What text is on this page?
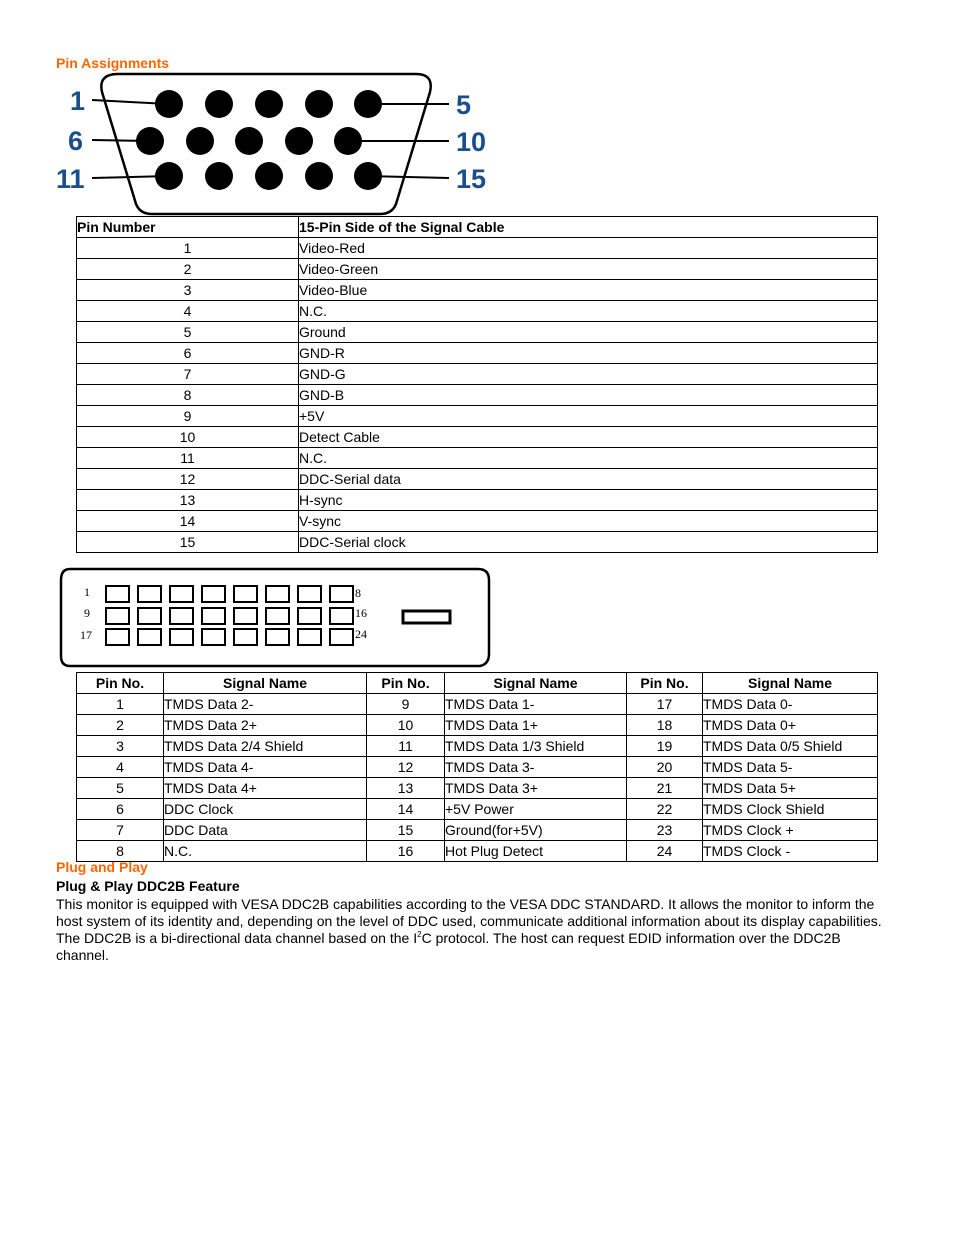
Pin Assignments
1	5
6	10
11	15
Pin Number	15-Pin Side of the Signal Cable
1	Video-Red
2	Video-Green
3	Video-Blue
4	N.C.
5	Ground
6	GND-R
7	GND-G
8	GND-B
9	+5V
10	Detect Cable
11	N.C.
12	DDC-Serial data
13	H-sync
14	V-sync
15	DDC-Serial clock
1
9
17
8
16
24
Pin No.	Signal Name	Pin No.	Signal Name	Pin No.	Signal Name
1	TMDS Data 2-	9	TMDS Data 1-	17	TMDS Data 0-
2	TMDS Data 2+	10	TMDS Data 1+	18	TMDS Data 0+
3	TMDS Data 2/4 Shield	11	TMDS Data 1/3 Shield	19	TMDS Data 0/5 Shield
4	TMDS Data 4-	12	TMDS Data 3-	20	TMDS Data 5-
5	TMDS Data 4+	13	TMDS Data 3+	21	TMDS Data 5+
6	DDC Clock	14	+5V Power	22	TMDS Clock Shield
7	DDC Data	15	Ground(for+5V)	23	TMDS Clock +
8	N.C.	16	Hot Plug Detect	24	TMDS Clock -
Plug and Play
Plug & Play DDC2B Feature

This monitor is equipped with VESA DDC2B capabilities according to the VESA DDC STANDARD. It allows the monitor to inform the host system of its identity and, depending on the level of DDC used, communicate additional information about its display capabilities. The DDC2B is a bi-directional data channel based on the $I^2C$ protocol. The host can request EDID information over the DDC2B channel.
